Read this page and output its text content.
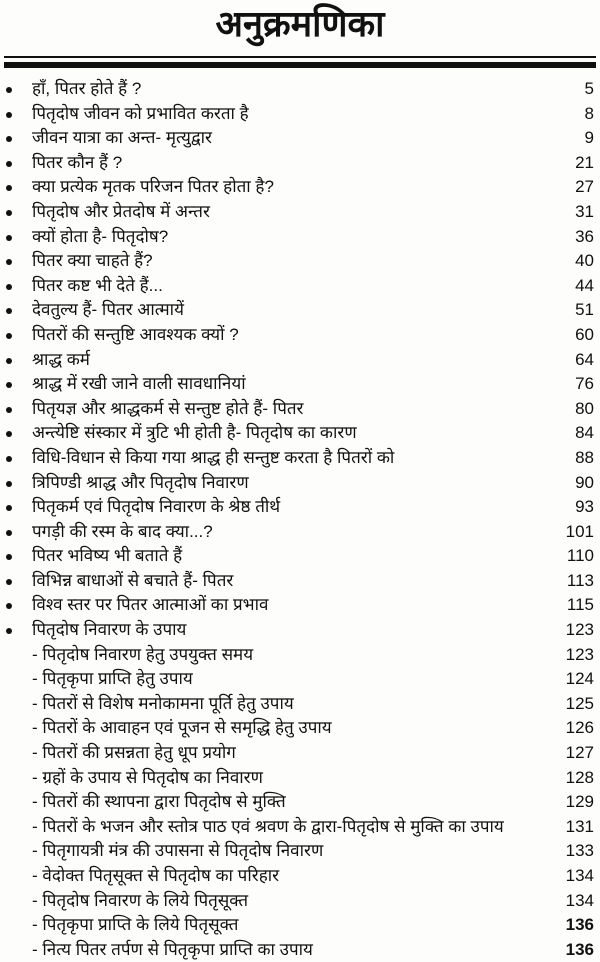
अनुक्रमणिका
हाँ, पितर होते हैं ?	5
पितृदोष जीवन को प्रभावित करता है	8
जीवन यात्रा का अन्त- मृत्युद्वार	9
पितर कौन हैं ?	21
क्या प्रत्येक मृतक परिजन पितर होता है?	27
पितृदोष और प्रेतदोष में अन्तर	31
क्यों होता है- पितृदोष?	36
पितर क्या चाहते हैं?	40
पितर कष्ट भी देते हैं...	44
देवतुल्य हैं- पितर आत्मायें	51
पितरों की सन्तुष्टि आवश्यक क्यों ?	60
श्राद्ध कर्म	64
श्राद्ध में रखी जाने वाली सावधानियां	76
पितृयज्ञ और श्राद्धकर्म से सन्तुष्ट होते हैं- पितर	80
अन्त्येष्टि संस्कार में त्रुटि भी होती है- पितृदोष का कारण	84
विधि-विधान से किया गया श्राद्ध ही सन्तुष्ट करता है पितरों को	88
त्रिपिण्डी श्राद्ध और पितृदोष निवारण	90
पितृकर्म एवं पितृदोष निवारण के श्रेष्ठ तीर्थ	93
पगड़ी की रस्म के बाद क्या...?	101
पितर भविष्य भी बताते हैं	110
विभिन्न बाधाओं से बचाते हैं- पितर	113
विश्व स्तर पर पितर आत्माओं का प्रभाव	115
पितृदोष निवारण के उपाय	123
- पितृदोष निवारण हेतु उपयुक्त समय	123
- पितृकृपा प्राप्ति हेतु उपाय	124
- पितरों से विशेष मनोकामना पूर्ति हेतु उपाय	125
- पितरों के आवाहन एवं पूजन से समृद्धि हेतु उपाय	126
- पितरों की प्रसन्नता हेतु धूप प्रयोग	127
- ग्रहों के उपाय से पितृदोष का निवारण	128
- पितरों की स्थापना द्वारा पितृदोष से मुक्ति	129
- पितरों के भजन और स्तोत्र पाठ एवं श्रवण के द्वारा-पितृदोष से मुक्ति का उपाय	131
- पितृगायत्री मंत्र की उपासना से पितृदोष निवारण	133
- वेदोक्त पितृसूक्त से पितृदोष का परिहार	134
- पितृदोष निवारण के लिये पितृसूक्त	134
- पितृकृपा प्राप्ति के लिये पितृसूक्त	136
- नित्य पितर तर्पण से पितृकृपा प्राप्ति का उपाय	136
